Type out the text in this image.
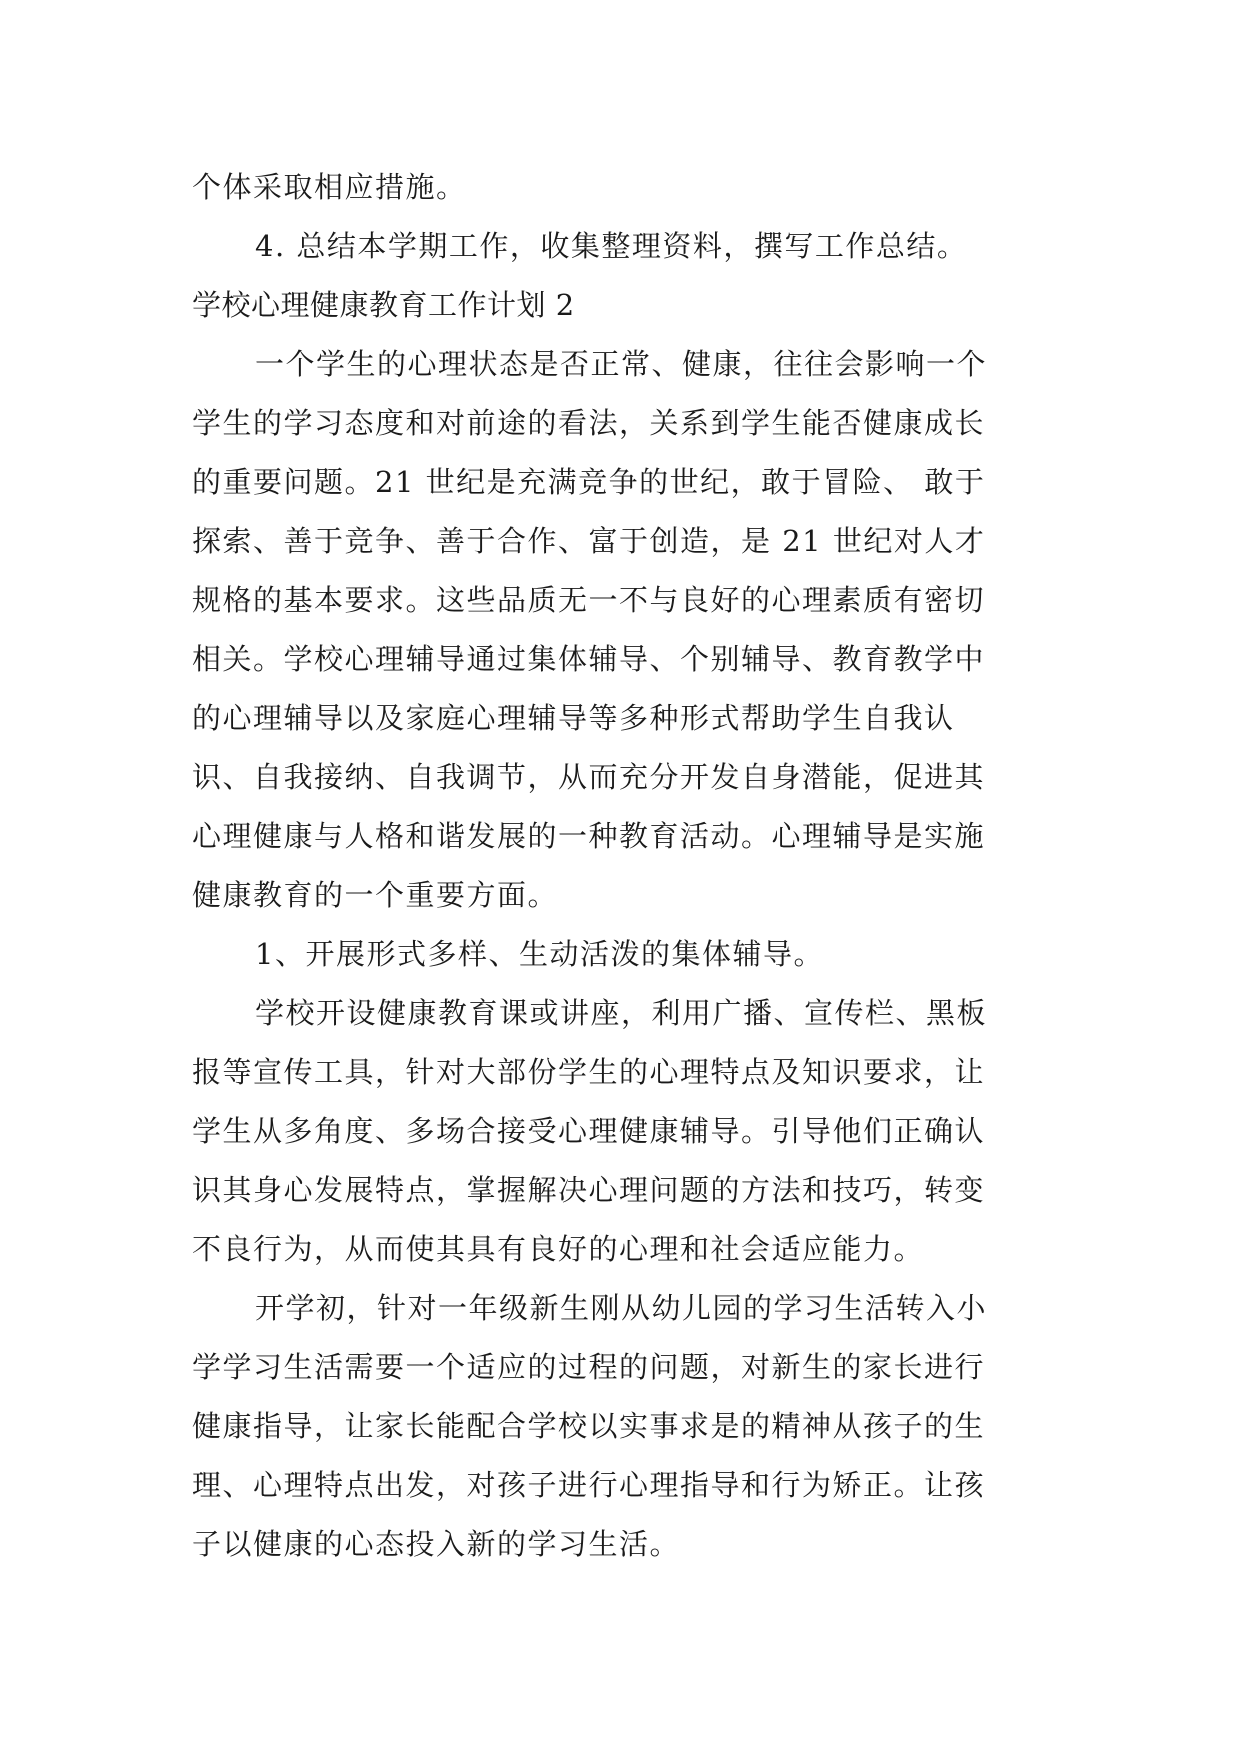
个体采取相应措施。
4. 总结本学期工作，收集整理资料，撰写工作总结。
学校心理健康教育工作计划 2
一个学生的心理状态是否正常、健康，往往会影响一个
学生的学习态度和对前途的看法，关系到学生能否健康成长
的重要问题。21 世纪是充满竞争的世纪，敢于冒险、 敢于
探索、善于竞争、善于合作、富于创造，是 21 世纪对人才
规格的基本要求。这些品质无一不与良好的心理素质有密切
相关。学校心理辅导通过集体辅导、个别辅导、教育教学中
的心理辅导以及家庭心理辅导等多种形式帮助学生自我认
识、自我接纳、自我调节，从而充分开发自身潜能，促进其
心理健康与人格和谐发展的一种教育活动。心理辅导是实施
健康教育的一个重要方面。
1、开展形式多样、生动活泼的集体辅导。
学校开设健康教育课或讲座，利用广播、宣传栏、黑板
报等宣传工具，针对大部份学生的心理特点及知识要求，让
学生从多角度、多场合接受心理健康辅导。引导他们正确认
识其身心发展特点，掌握解决心理问题的方法和技巧，转变
不良行为，从而使其具有良好的心理和社会适应能力。
开学初，针对一年级新生刚从幼儿园的学习生活转入小
学学习生活需要一个适应的过程的问题，对新生的家长进行
健康指导，让家长能配合学校以实事求是的精神从孩子的生
理、心理特点出发，对孩子进行心理指导和行为矫正。让孩
子以健康的心态投入新的学习生活。
